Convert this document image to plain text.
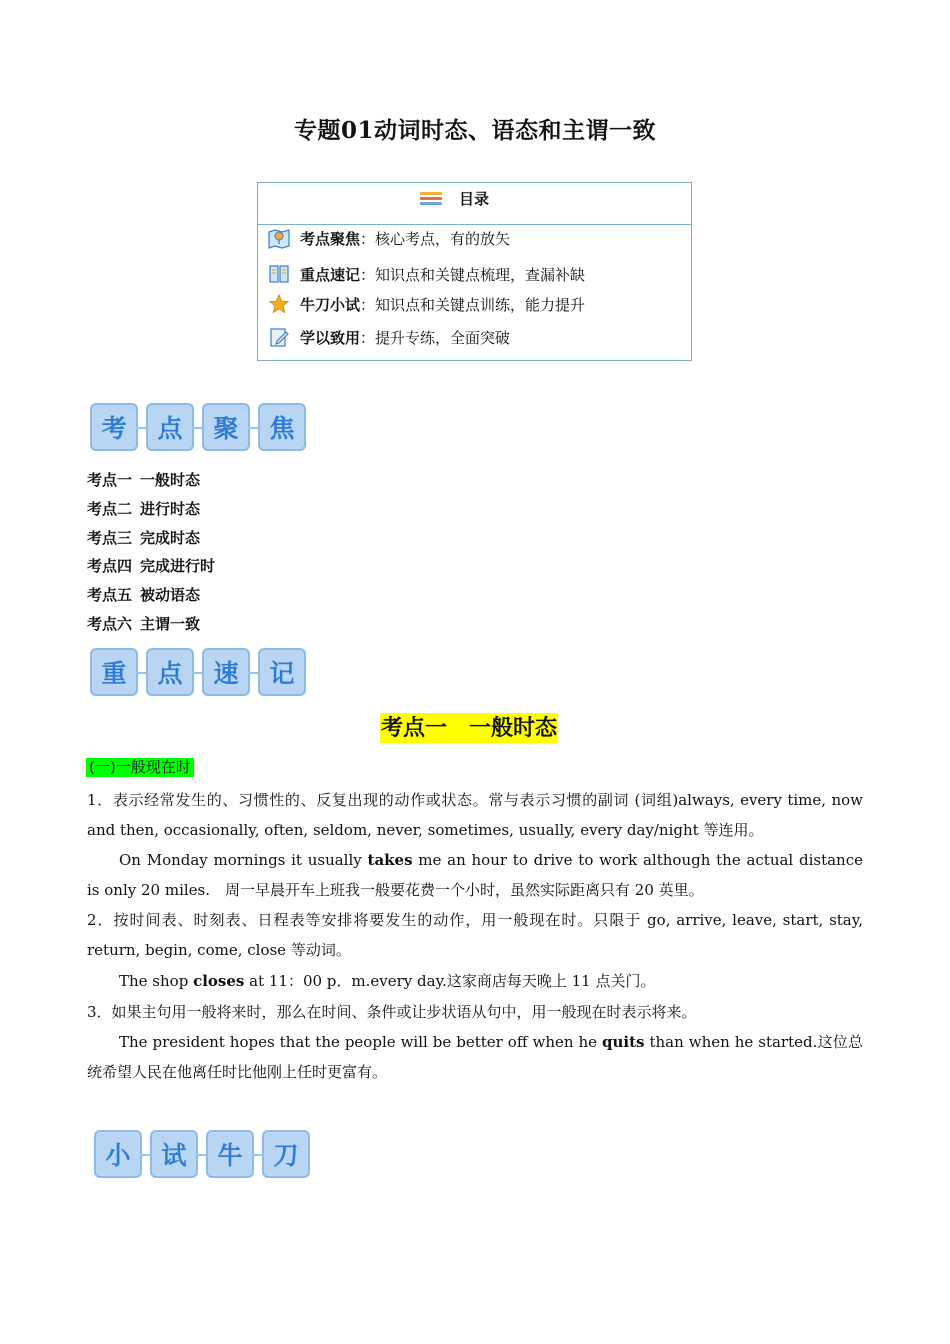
专题01动词时态、语态和主谓一致
目录
考点聚焦：核心考点，有的放矢
重点速记：知识点和关键点梳理，查漏补缺
牛刀小试：知识点和关键点训练，能力提升
学以致用：提升专练，全面突破
考	点	聚	焦
考点一 一般时态
考点二 进行时态
考点三 完成时态
考点四 完成进行时
考点五 被动语态
考点六 主谓一致
重	点	速	记
考点一　一般时态
(一)一般现在时
1．表示经常发生的、习惯性的、反复出现的动作或状态。常与表示习惯的副词 (词组)always, every time, now and then, occasionally, often, seldom, never, sometimes, usually, every day/night 等连用。
On Monday mornings it usually takes me an hour to drive to work although the actual distance is only 20 miles.　周一早晨开车上班我一般要花费一个小时，虽然实际距离只有 20 英里。
2．按时间表、时刻表、日程表等安排将要发生的动作，用一般现在时。只限于 go, arrive, leave, start, stay, return, begin, come, close 等动词。
The shop closes at 11：00 p．m.every day.这家商店每天晚上 11 点关门。
3．如果主句用一般将来时，那么在时间、条件或让步状语从句中，用一般现在时表示将来。
The president hopes that the people will be better off when he quits than when he started.这位总统希望人民在他离任时比他刚上任时更富有。
小	试	牛	刀
